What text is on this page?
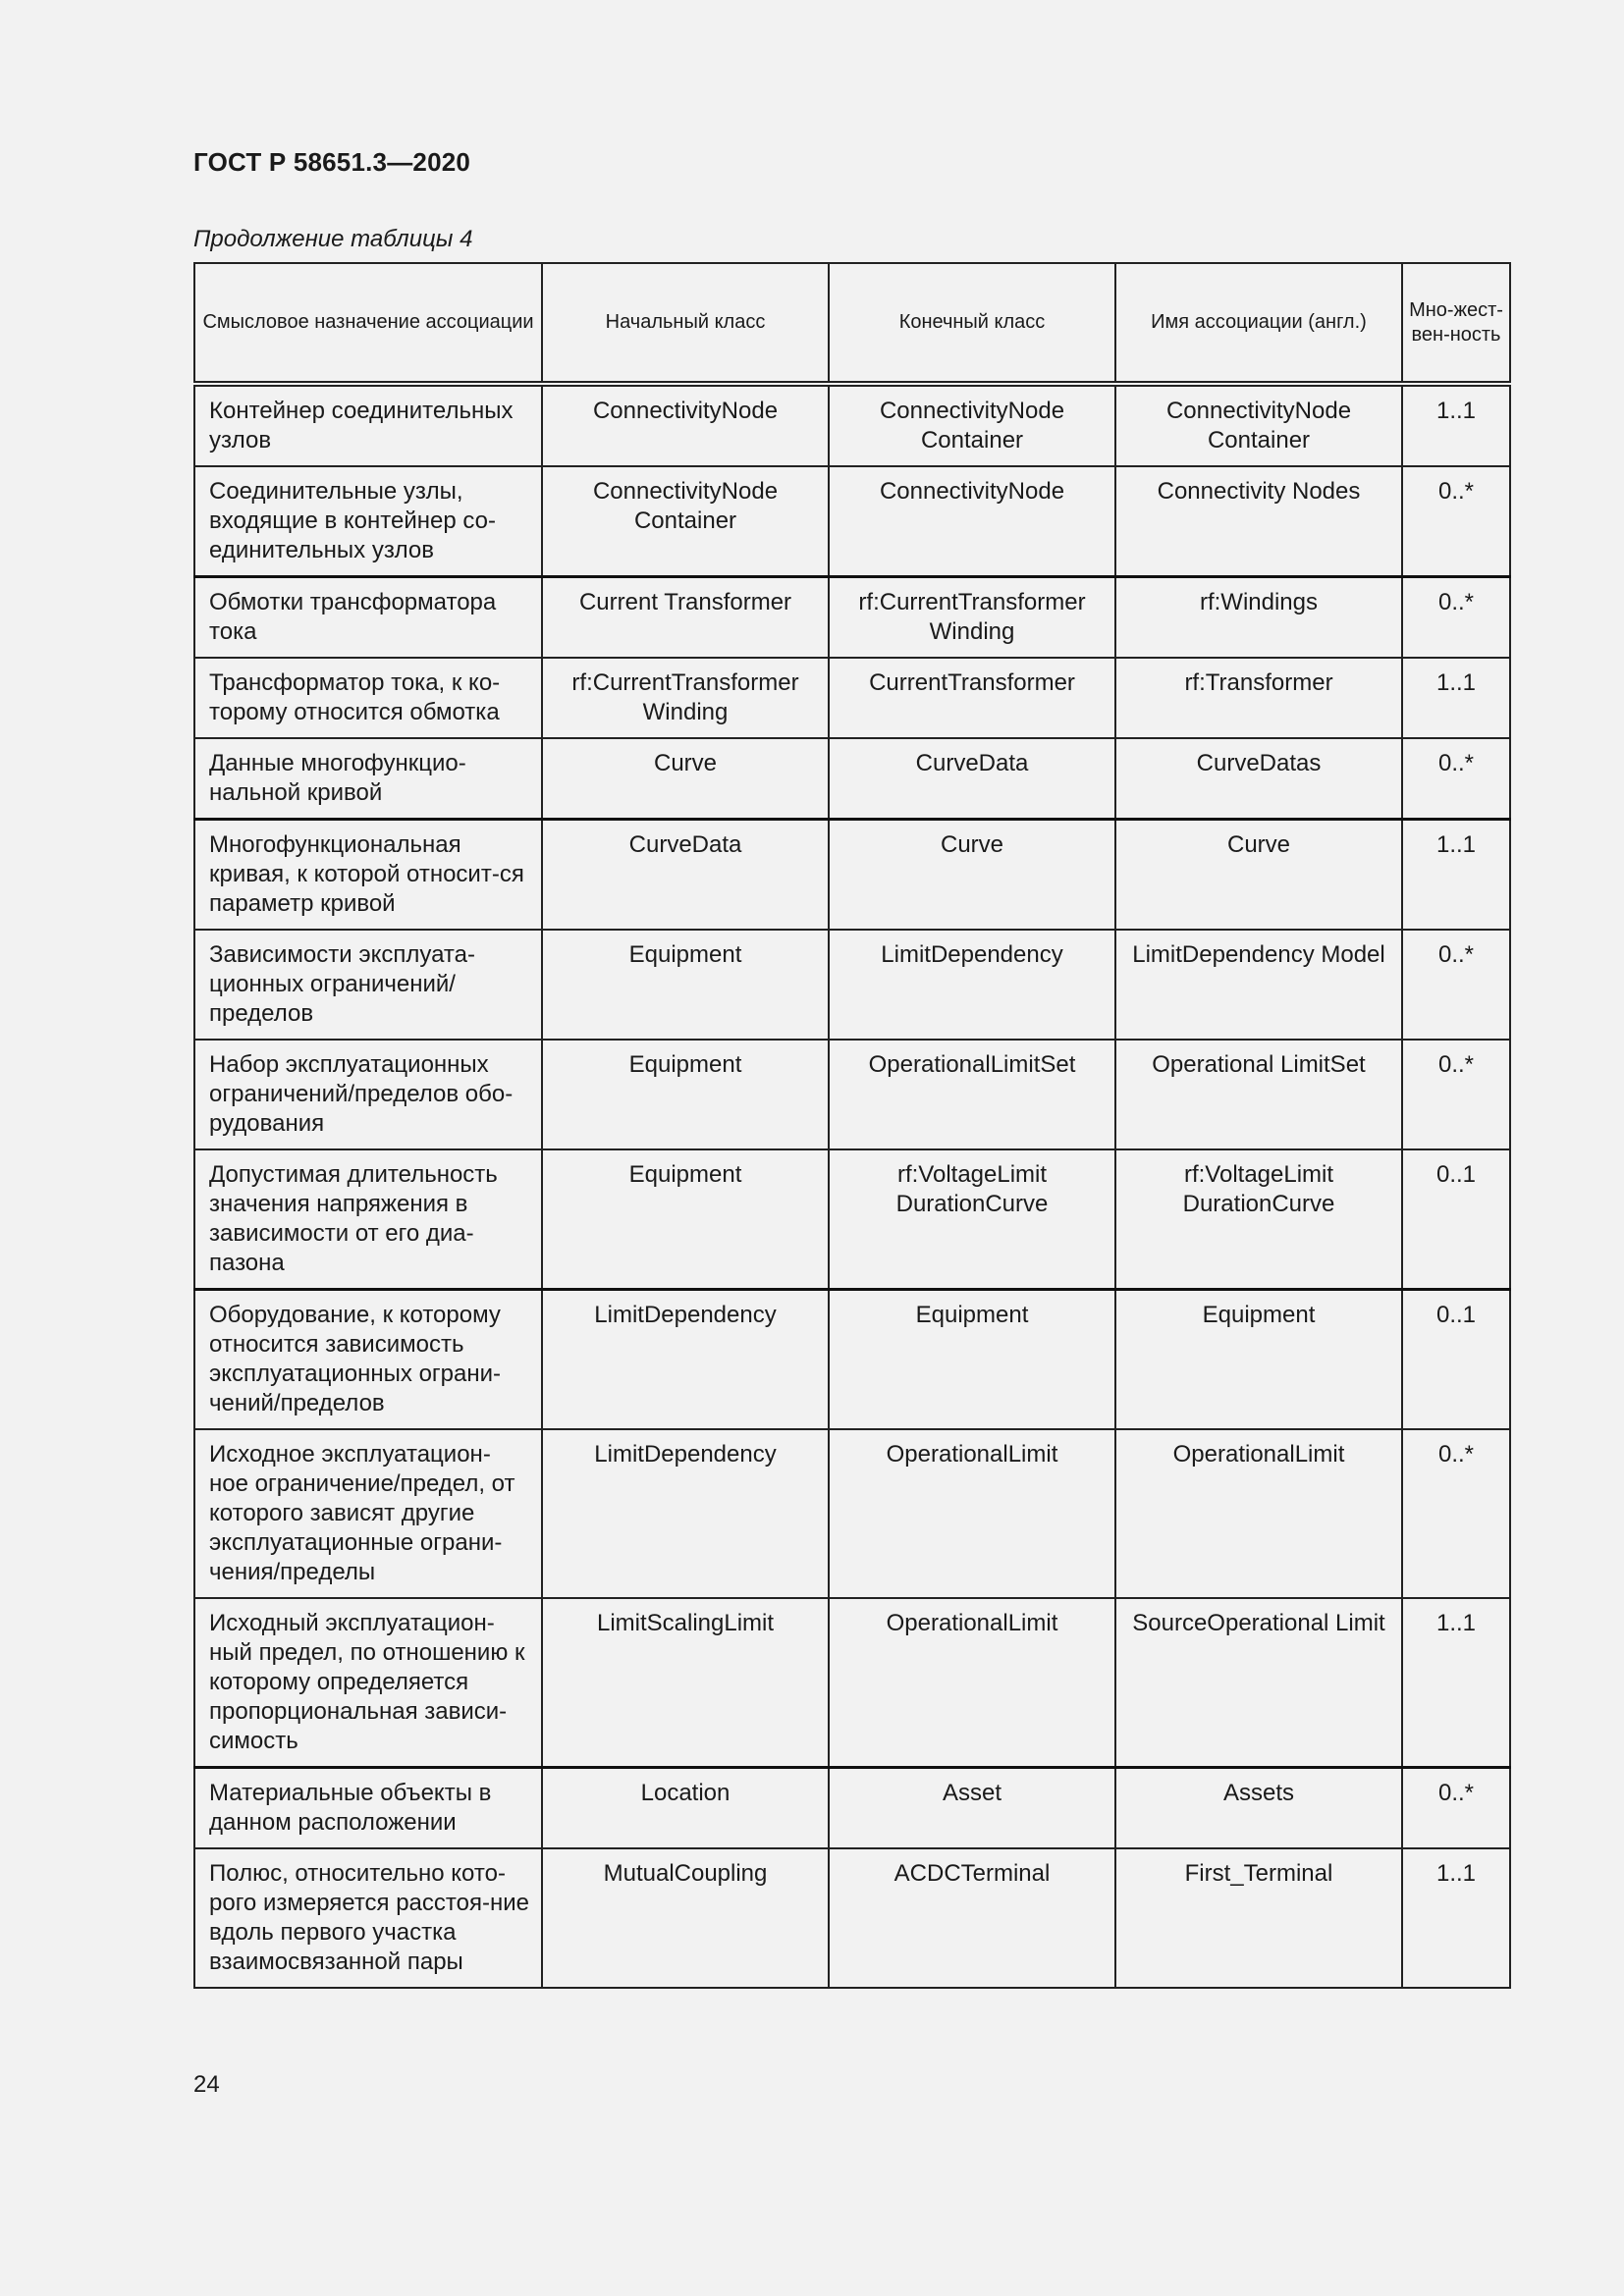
ГОСТ Р 58651.3—2020
Продолжение таблицы 4
Смысловое назначение ассоциации	Начальный класс	Конечный класс	Имя ассоциации (англ.)	Мно-жест-вен-ность
Контейнер соединительных узлов	ConnectivityNode	ConnectivityNode Container	ConnectivityNode Container	1..1
Соединительные узлы, входящие в контейнер со-единительных узлов	ConnectivityNode Container	ConnectivityNode	Connectivity Nodes	0..*
Обмотки трансформатора тока	Current Transformer	rf:CurrentTransformer Winding	rf:Windings	0..*
Трансформатор тока, к ко-торому относится обмотка	rf:CurrentTransformer Winding	CurrentTransformer	rf:Transformer	1..1
Данные многофункцио-нальной кривой	Curve	CurveData	CurveDatas	0..*
Многофункциональная кривая, к которой относит-ся параметр кривой	CurveData	Curve	Curve	1..1
Зависимости эксплуата-ционных ограничений/ пределов	Equipment	LimitDependency	LimitDependency Model	0..*
Набор эксплуатационных ограничений/пределов обо-рудования	Equipment	OperationalLimitSet	Operational LimitSet	0..*
Допустимая длительность значения напряжения в зависимости от его диа-пазона	Equipment	rf:VoltageLimit DurationCurve	rf:VoltageLimit DurationCurve	0..1
Оборудование, к которому относится зависимость эксплуатационных ограни-чений/пределов	LimitDependency	Equipment	Equipment	0..1
Исходное эксплуатацион-ное ограничение/предел, от которого зависят другие эксплуатационные ограни-чения/пределы	LimitDependency	OperationalLimit	OperationalLimit	0..*
Исходный эксплуатацион-ный предел, по отношению к которому определяется пропорциональная зависи-симость	LimitScalingLimit	OperationalLimit	SourceOperational Limit	1..1
Материальные объекты в данном расположении	Location	Asset	Assets	0..*
Полюс, относительно кото-рого измеряется расстоя-ние вдоль первого участка взаимосвязанной пары	MutualCoupling	ACDCTerminal	First_Terminal	1..1
24
